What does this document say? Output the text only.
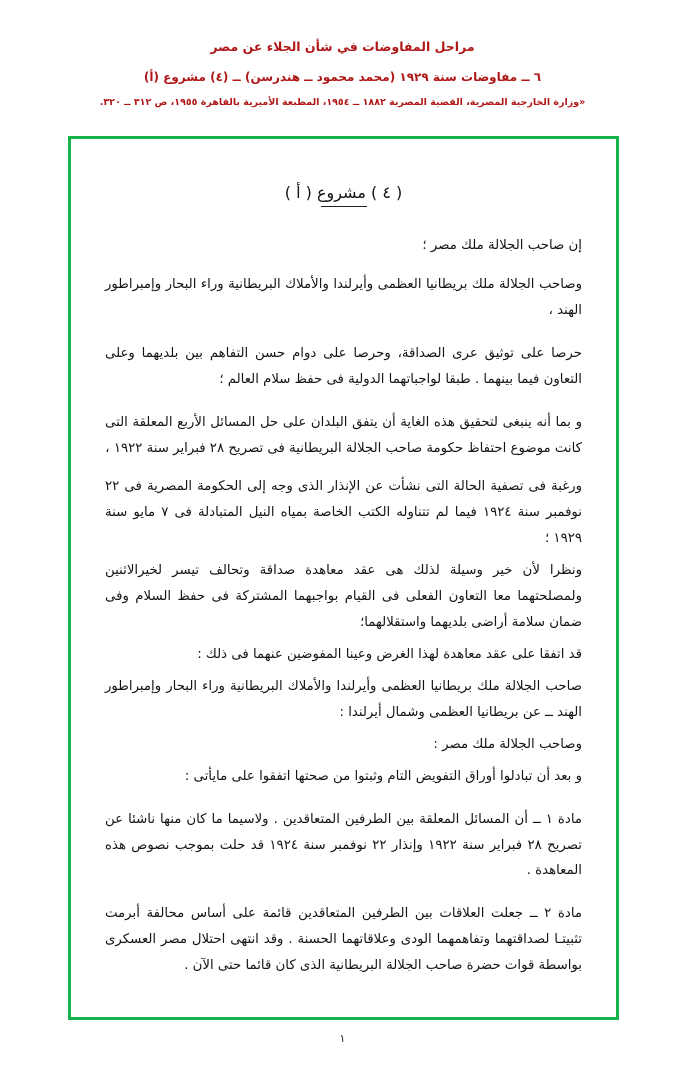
مراحل المفاوضات في شأن الجلاء عن مصر
٦ ــ مفاوضات سنة ١٩٢٩ (محمد محمود ــ هندرسن) ــ (٤) مشروع (أ)
«وزارة الخارجية المصرية، القضية المصرية ١٨٨٢ ــ ١٩٥٤، المطبعة الأميرية بالقاهرة ١٩٥٥، ص ٣١٢ ــ ٣٢٠.
( ٤ ) مشروع ( أ )

إن صاحب الجلالة ملك مصر ؛

وصاحب الجلالة ملك بريطانيا العظمى وأيرلندا والأملاك البريطانية وراء البحار وإمبراطور الهند ،

حرصا على توثيق عرى الصداقة، وحرصا على دوام حسن التفاهم بين بلديهما وعلى التعاون فيما بينهما . طبقا لواجباتهما الدولية فى حفظ سلام العالم ؛

و بما أنه ينبغى لتحقيق هذه الغاية أن يتفق البلدان على حل المسائل الأربع المعلقة التى كانت موضوع احتفاظ حكومة صاحب الجلالة البريطانية فى تصريح ٢٨ فبراير سنة ١٩٢٢ ،

ورغبة فى تصفية الحالة التى نشأت عن الإنذار الذى وجه إلى الحكومة المصرية فى ٢٢ نوفمبر سنة ١٩٢٤ فيما لم تتناوله الكتب الخاصة بمياه النيل المتبادلة فى ٧ مايو سنة ١٩٢٩ ؛

ونظرا لأن خير وسيلة لذلك هى عقد معاهدة صداقة وتحالف تيسر لخيرالاثنين ولمصلحتهما معا التعاون الفعلى فى القيام بواجبهما المشتركة فى حفظ السلام وفى ضمان سلامة أراضى بلديهما واستقلالهما؛

قد اتفقا على عقد معاهدة لهذا الغرض وعينا المفوضين عنهما فى ذلك :

صاحب الجلالة ملك بريطانيا العظمى وأيرلندا والأملاك البريطانية وراء البحار وإمبراطور الهند ــ عن بريطانيا العظمى وشمال أيرلندا :

وصاحب الجلالة ملك مصر :

و بعد أن تبادلوا أوراق التفويض التام وثبتوا من صحتها اتفقوا على مايأتى :

مادة ١ ــ أن المسائل المعلقة بين الطرفين المتعاقدين . ولاسيما ما كان منها ناشئا عن تصريح ٢٨ فبراير سنة ١٩٢٢ وإنذار ٢٢ نوفمبر سنة ١٩٢٤ قد حلت بموجب نصوص هذه المعاهدة .

مادة ٢ ــ جعلت العلاقات بين الطرفين المتعاقدين قائمة على أساس محالفة أبرمت تثبيتـا لصداقتهما وتفاهمهما الودى وعلاقاتهما الحسنة . وقد انتهى احتلال مصر العسكرى بواسطة قوات حضرة صاحب الجلالة البريطانية الذى كان قائما حتى الآن .

١
